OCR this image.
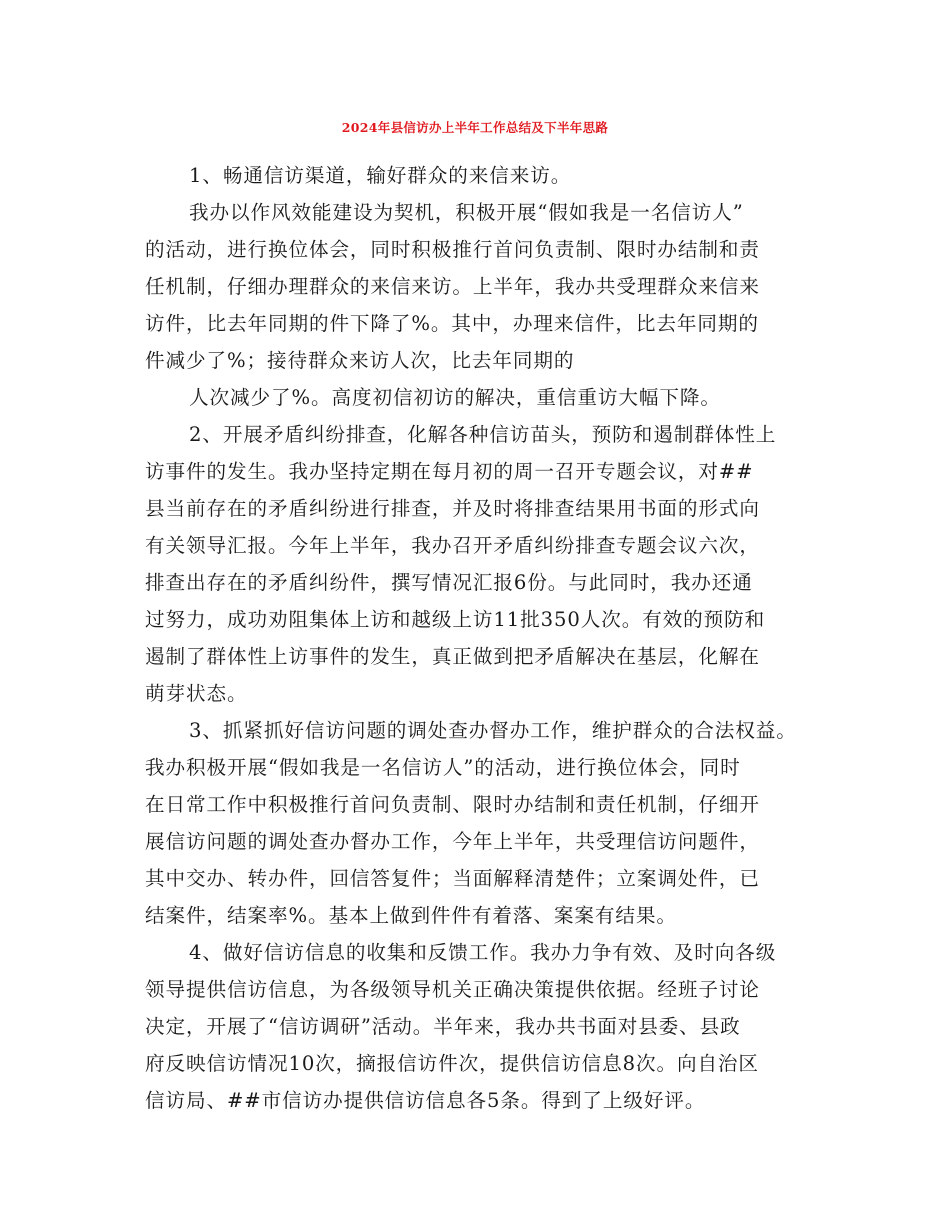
2024年县信访办上半年工作总结及下半年思路
1、畅通信访渠道，输好群众的来信来访。
我办以作风效能建设为契机，积极开展“假如我是一名信访人”
的活动，进行换位体会，同时积极推行首问负责制、限时办结制和责
任机制，仔细办理群众的来信来访。上半年，我办共受理群众来信来
访件，比去年同期的件下降了%。其中，办理来信件，比去年同期的
件减少了%；接待群众来访人次，比去年同期的
人次减少了%。高度初信初访的解决，重信重访大幅下降。
2、开展矛盾纠纷排查，化解各种信访苗头，预防和遏制群体性上
访事件的发生。我办坚持定期在每月初的周一召开专题会议，对##
县当前存在的矛盾纠纷进行排查，并及时将排查结果用书面的形式向
有关领导汇报。今年上半年，我办召开矛盾纠纷排查专题会议六次，
排查出存在的矛盾纠纷件，撰写情况汇报6份。与此同时，我办还通
过努力，成功劝阻集体上访和越级上访11批350人次。有效的预防和
遏制了群体性上访事件的发生，真正做到把矛盾解决在基层，化解在
萌芽状态。
3、抓紧抓好信访问题的调处查办督办工作，维护群众的合法权益。
我办积极开展“假如我是一名信访人”的活动，进行换位体会，同时
在日常工作中积极推行首问负责制、限时办结制和责任机制，仔细开
展信访问题的调处查办督办工作，今年上半年，共受理信访问题件，
其中交办、转办件，回信答复件；当面解释清楚件；立案调处件，已
结案件，结案率%。基本上做到件件有着落、案案有结果。
4、做好信访信息的收集和反馈工作。我办力争有效、及时向各级
领导提供信访信息，为各级领导机关正确决策提供依据。经班子讨论
决定，开展了“信访调研”活动。半年来，我办共书面对县委、县政
府反映信访情况10次，摘报信访件次，提供信访信息8次。向自治区
信访局、##市信访办提供信访信息各5条。得到了上级好评。
